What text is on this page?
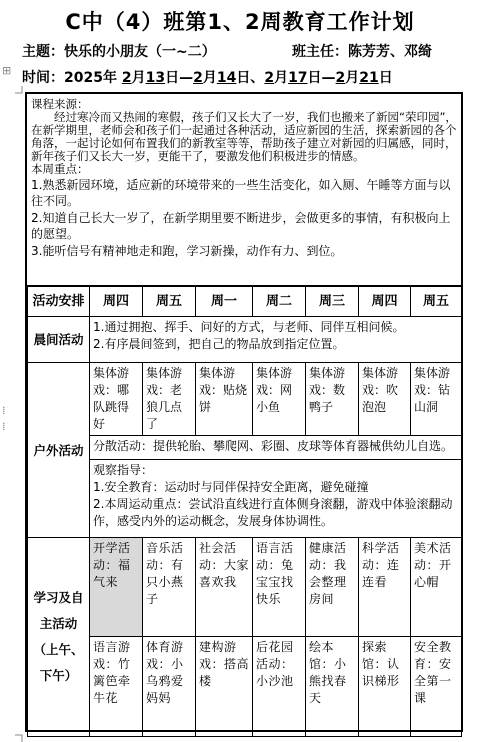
C中（4）班第1、2周教育工作计划
主题：快乐的小朋友（一~二）	班主任：陈芳芳、邓绮
⊞ 时间：2025年 2月13日—2月14日、2月17日—2月21日
⁞
⁞

课程来源：

经过寒冷而又热闹的寒假，孩子们又长大了一岁，我们也搬来了新园“荣印园”，在新学期里，老师会和孩子们一起通过各种活动，适应新园的生活，探索新园的各个角落，一起讨论如何布置我们的新教室等等，帮助孩子建立对新园的归属感，同时，新年孩子们又长大一岁，更能干了，要激发他们积极进步的情感。

本周重点：

1.熟悉新园环境，适应新的环境带来的一些生活变化，如入厕、午睡等方面与以往不同。

2.知道自己长大一岁了，在新学期里要不断进步，会做更多的事情，有积极向上的愿望。

3.能听信号有精神地走和跑，学习新操，动作有力、到位。

活动安排	周四	周五	周一	周二	周三	周四	周五
晨间活动	1.通过拥抱、挥手、问好的方式，与老师、同伴互相问候。
2.有序晨间签到，把自己的物品放到指定位置。						

户外活动	集体游戏：哪队跳得好	集体游戏：老狼几点了	集体游戏：贴烧饼	集体游戏：网小鱼	集体游戏：数鸭子	集体游戏：吹泡泡	集体游戏：钻山洞
	分散活动：提供轮胎、攀爬网、彩圈、皮球等体育器械供幼儿自选。						

	观察指导：
1.安全教育：运动时与同伴保持安全距离，避免碰撞
2.本周运动重点：尝试沿直线进行直体侧身滚翻，游戏中体验滚翻动作，感受内外的运动概念，发展身体协调性。						

学习及自
主活动
（上午、
下午）	开学活动：福气来	音乐活动：有只小燕子	社会活动：大家喜欢我	语言活动：兔宝宝找快乐	健康活动：我会整理房间	科学活动：连连看	美术活动：开心帽
	语言游戏：竹篱笆牵牛花	体育游戏：小乌鸦爱妈妈	建构游戏：搭高楼	后花园活动：小沙池	绘本馆：小熊找春天	探索馆：认识梯形	安全教育：安全第一课
